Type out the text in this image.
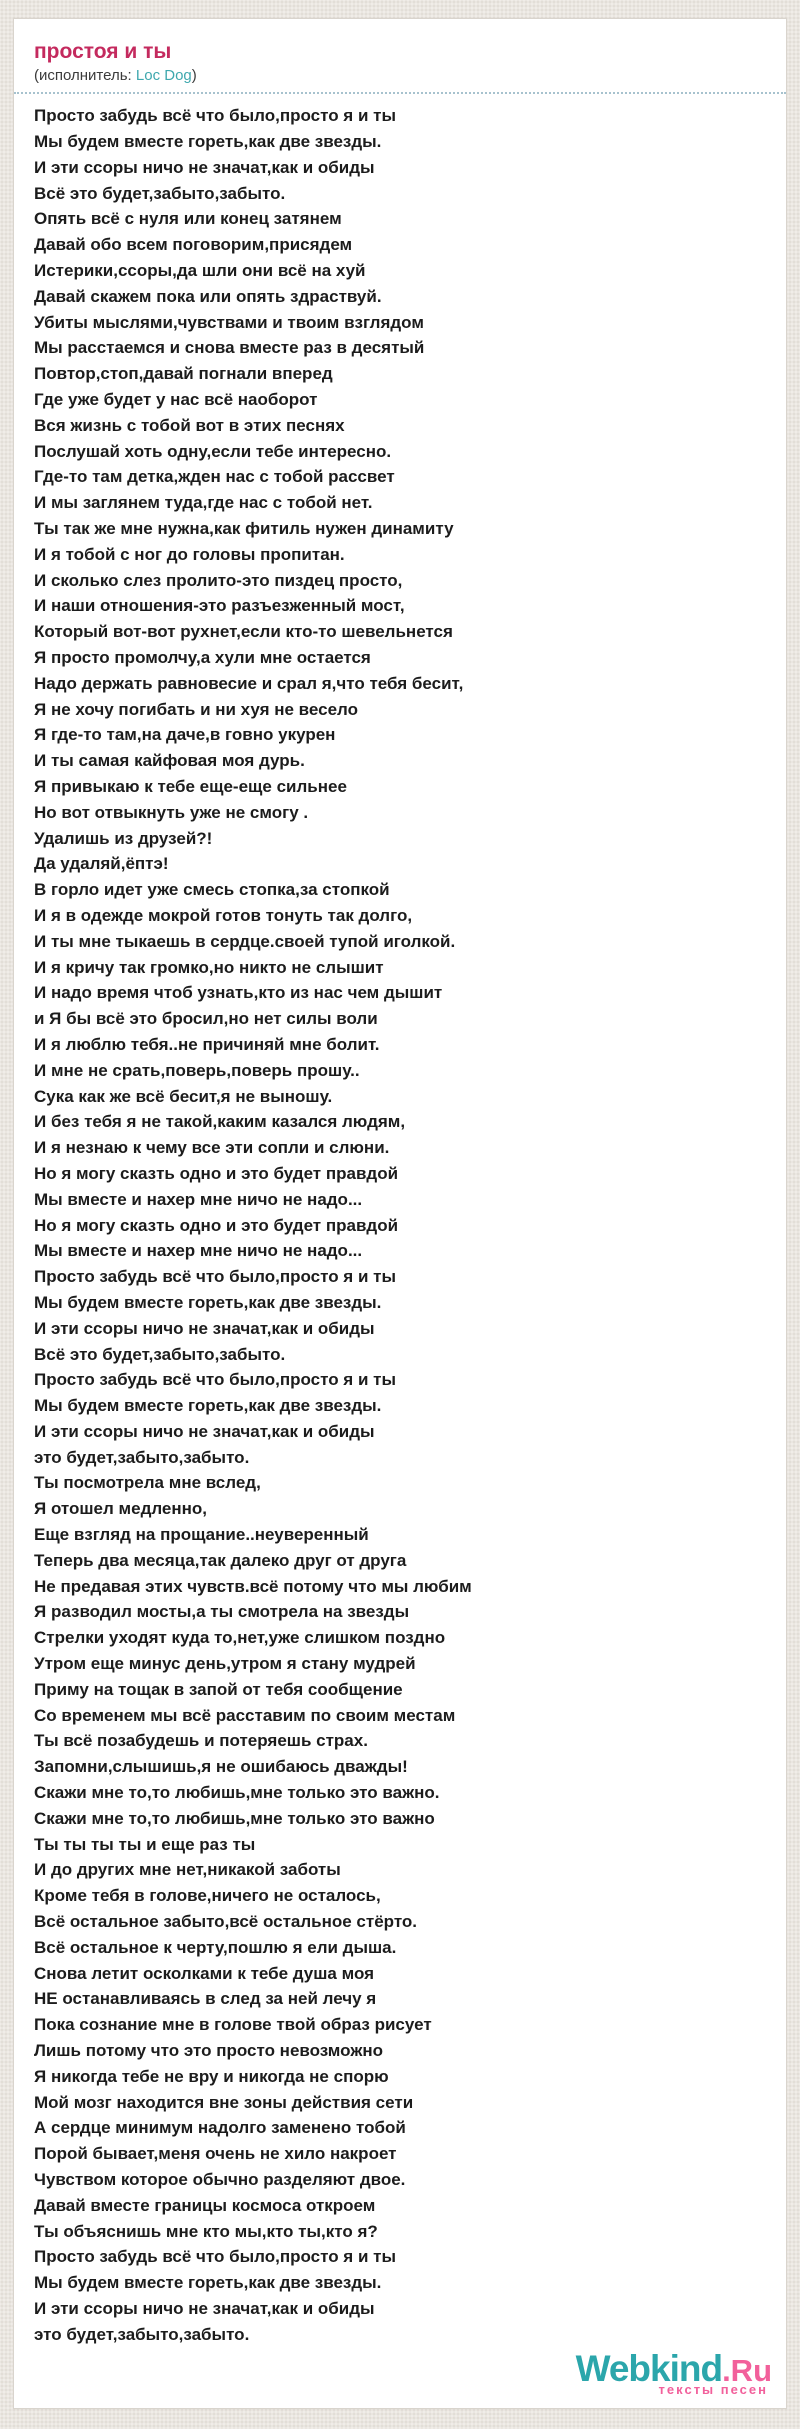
простоя и ты
(исполнитель: Loc Dog)
Просто забудь всё что было,просто я и ты
Мы будем вместе гореть,как две звезды.
И эти ссоры ничо не значат,как и обиды
Всё это будет,забыто,забыто.
Опять всё с нуля или конец затянем
Давай обо всем поговорим,присядем
Истерики,ссоры,да шли они всё на хуй
Давай скажем пока или опять здраствуй.
Убиты мыслями,чувствами и твоим взглядом
Мы расстаемся и снова вместе раз в десятый
Повтор,стоп,давай погнали вперед
Где уже будет у нас всё наоборот
Вся жизнь с тобой вот в этих песнях
Послушай хоть одну,если тебе интересно.
Где-то там детка,жден нас с тобой рассвет
И мы заглянем туда,где нас с тобой нет.
Ты так же мне нужна,как фитиль нужен динамиту
И я тобой с ног до головы пропитан.
И сколько слез пролито-это пиздец просто,
И наши отношения-это разъезженный мост,
Который вот-вот рухнет,если кто-то шевельнется
Я просто промолчу,а хули мне остается
Надо держать равновесие и срал я,что тебя бесит,
Я не хочу погибать и ни хуя не весело
Я где-то там,на даче,в говно укурен
И ты самая кайфовая моя дурь.
Я привыкаю к тебе еще-еще сильнее
Но вот отвыкнуть уже не смогу .
Удалишь из друзей?!
Да удаляй,ёптэ!
В горло идет уже смесь стопка,за стопкой
И я в одежде мокрой готов тонуть так долго,
И ты мне тыкаешь в сердце.своей тупой иголкой.
И я кричу так громко,но никто не слышит
И надо время чтоб узнать,кто из нас чем дышит
и Я бы всё это бросил,но нет силы воли
И я люблю тебя..не причиняй мне болит.
И мне не срать,поверь,поверь прошу..
Сука как же всё бесит,я не выношу.
И без тебя я не такой,каким казался людям,
И я незнаю к чему все эти сопли и слюни.
Но я могу сказть одно и это будет правдой
Мы вместе и нахер мне ничо не надо...
Но я могу сказть одно и это будет правдой
Мы вместе и нахер мне ничо не надо...
Просто забудь всё что было,просто я и ты
Мы будем вместе гореть,как две звезды.
И эти ссоры ничо не значат,как и обиды
Всё это будет,забыто,забыто.
Просто забудь всё что было,просто я и ты
Мы будем вместе гореть,как две звезды.
И эти ссоры ничо не значат,как и обиды
это будет,забыто,забыто.
Ты посмотрела мне вслед,
Я отошел медленно,
Еще взгляд на прощание..неуверенный
Теперь два месяца,так далеко друг от друга
Не предавая этих чувств.всё потому что мы любим
Я разводил мосты,а ты смотрела на звезды
Стрелки уходят куда то,нет,уже слишком поздно
Утром еще минус день,утром я стану мудрей
Приму на тощак в запой от тебя сообщение
Со временем мы всё расставим по своим местам
Ты всё позабудешь и потеряешь страх.
Запомни,слышишь,я не ошибаюсь дважды!
Скажи мне то,то любишь,мне только это важно.
Скажи мне то,то любишь,мне только это важно
Ты ты ты ты и еще раз ты
И до других мне нет,никакой заботы
Кроме тебя в голове,ничего не осталось,
Всё остальное забыто,всё остальное стёрто.
Всё остальное к черту,пошлю я ели дыша.
Снова летит осколками к тебе душа моя
НЕ останавливаясь в след за ней лечу я
Пока сознание мне в голове твой образ рисует
Лишь потому что это просто невозможно
Я никогда тебе не вру и никогда не спорю
Мой мозг находится вне зоны действия сети
А сердце минимум надолго заменено тобой
Порой бывает,меня очень не хило накроет
Чувством которое обычно разделяют двое.
Давай вместе границы космоса откроем
Ты объяснишь мне кто мы,кто ты,кто я?
Просто забудь всё что было,просто я и ты
Мы будем вместе гореть,как две звезды.
И эти ссоры ничо не значат,как и обиды
это будет,забыто,забыто.
Webkind.Ru
тексты песен
